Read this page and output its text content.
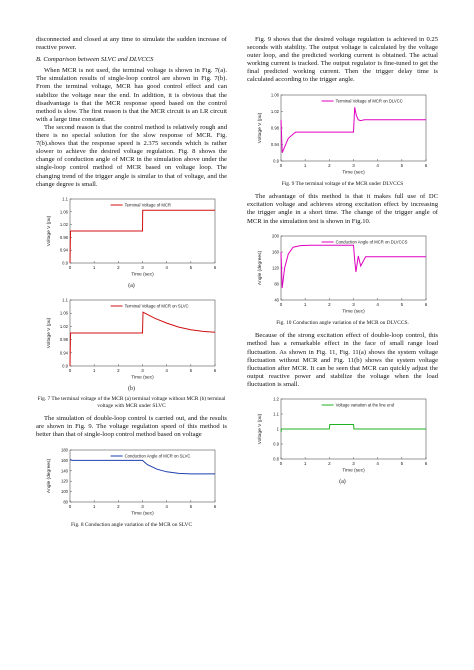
disconnected and closed at any time to simulate the sudden increase of reactive power.

B. Comparison between SLVC and DLVCCS

When MCR is not used, the terminal voltage is shown in Fig. 7(a). The simulation results of single-loop control are shown in Fig. 7(b). From the terminal voltage, MCR has good control effect and can stabilize the voltage near the end. In addition, it is obvious that the disadvantage is that the MCR response speed based on the control method is slow. The first reason is that the MCR circuit is an LR circuit with a large time constant.

The second reason is that the control method is relatively rough and there is no special solution for the slow response of MCR. Fig. 7(b).shows that the response speed is 2.375 seconds which is rather slower to achieve the desired voltage regulation. Fig. 8 shows the change of conduction angle of MCR in the simulation above under the single-loop control method of MCR based on voltage loop. The changing trend of the trigger angle is similar to that of voltage, and the change degree is small.

0	1	2	3	4	5	6
0.9
0.94
0.98
1.02
1.06
1.1
Time (sec)
Voltage V (pu)
Terminal Voltage of MCR
(a)
0	1	2	3	4	5	6
0.9
0.94
0.98
1.02
1.06
1.1
Time (sec)
Voltage V (pu)
Terminal Voltage of MCR on SLVC
(b)
Fig. 7 The terminal voltage of the MCR (a) terminal voltage without MCR (b) terminal voltage with MCR under SLVC

The simulation of double-loop control is carried out, and the results are shown in Fig. 9. The voltage regulation speed of this method is better than that of single-loop control method based on voltage

0	1	2	3	4	5	6
80
100
120
140
160
180
Time (sec)
Angle (degrees)
Conduction Angle of MCR on SLVC
Fig. 8 Conduction angle variation of the MCR on SLVC

Fig. 9 shows that the desired voltage regulation is achieved in 0.25 seconds with stability. The output voltage is calculated by the voltage outer loop, and the predicted working current is obtained. The actual working current is tracked. The output regulator is fine-tuned to get the final predicted working current. Then the trigger delay time is calculated according to the trigger angle.

0	1	2	3	4	5	6
0.9
0.94
0.98
1.02
1.06
Time (sec)
Voltage V (pu)
Terminal Voltage of MCR on DLVCC
Fig. 9 The terminal voltage of the MCR under DLVCCS

The advantage of this method is that it makes full use of DC excitation voltage and achieves strong excitation effect by increasing the trigger angle in a short time. The change of the trigger angle of MCR in the simulation test is shown in Fig.10.

0	1	2	3	4	5	6
40
80
120
160
200
Time (sec)
Angle (degrees)
Conduction Angle of MCR on DLVCCS
Fig. 10 Conduction angle variation of the MCR on DLVCCS.

Because of the strong excitation effect of double-loop control, this method has a remarkable effect in the face of small range load fluctuation. As shown in Fig. 11, Fig. 11(a) shows the system voltage fluctuation without MCR and Fig. 11(b) shows the system voltage fluctuation after MCR. It can be seen that MCR can quickly adjust the output reactive power and stabilize the voltage when the load fluctuation is small.

0	1	2	3	4	5	6
0.8
0.9
1
1.1
1.2
Time (sec)
Voltage V (pu)
Voltage variation at the line end
(a)
